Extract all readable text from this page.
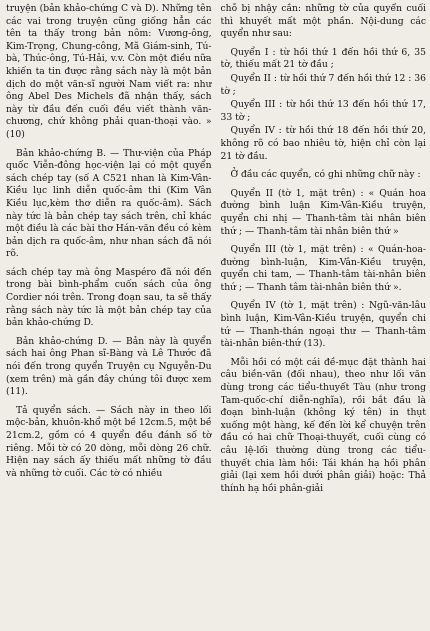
truyện (bản khảo-chứng C và D). Những tên các vai trong truyện cũng giống hẳn các tên ta thấy trong bản nôm: Vương-ông, Kim-Trọng, Chung-công, Mã Giám-sinh, Tú-bà, Thúc-ông, Tú-Hải, v.v. Còn một điều nữa khiến ta tin được rằng sách này là một bản dịch do một văn-sĩ người Nam viết ra: như ông Abel Des Michels đã nhận thấy, sách này từ đầu đến cuối đều viết thành văn-chương, chứ không phải quan-thoại vào. » (10)

Bản khảo-chứng B. — Thư-viện của Pháp quốc Viễn-đông học-viện lại có một quyển sách chép tay (số A C521 nhan là Kim-Vân-Kiều lục linh diễn quốc-âm thi (Kim Vân Kiều lục,kèm thơ diễn ra quốc-âm). Sách này tức là bản chép tay sách trên, chỉ khác một điều là các bài thơ Hán-văn đều có kèm bản dịch ra quốc-âm, như nhan sách đã nói rõ.

sách chép tay mà ông Maspéro đã nói đến trong bài bình-phẩm cuốn sách của ông Cordier nói trên. Trong đoạn sau, ta sẽ thấy rằng sách này tức là một bản chép tay của bản khảo-chứng D.

Bản khảo-chứng D. — Bản này là quyển sách hai ông Phan sĩ-Bàng và Lê Thước đã nói đến trong quyển Truyện cụ Nguyễn-Du (xem trên) mà gần đây chúng tôi được xem (11).

Tả quyển sách. — Sách này in theo lối mộc-bản, khuôn-khổ một bề 12cm.5, một bề 21cm.2, gồm có 4 quyển đều đánh số tờ riêng. Mỗi tờ có 20 dòng, mỗi dòng 26 chữ. Hiện nay sách ấy thiếu mất những tờ đầu và những tờ cuối. Các tờ có nhiều

chỗ bị nhậy cắn: những tờ của quyển cuối thì khuyết mất một phần. Nội-dung các quyển như sau:

Quyển I : từ hồi thứ 1 đến hồi thứ 6, 35 tờ, thiếu mất 21 tờ đầu ;

Quyển II : từ hồi thứ 7 đến hồi thứ 12 : 36 tờ ;

Quyển III : từ hồi thứ 13 đến hồi thứ 17, 33 tờ ;

Quyển IV : từ hồi thứ 18 đến hồi thứ 20, không rõ có bao nhiêu tờ, hiện chỉ còn lại 21 tờ đầu.

Ở đầu các quyển, có ghi những chữ này :

Quyển II (tờ 1, mặt trên) : « Quán hoa đường bình luận Kim-Vân-Kiều truyện, quyển chi nhị — Thanh-tâm tài nhân biên thứ ; — Thanh-tâm tài nhân biên thứ »

Quyển III (tờ 1, mặt trên) : « Quán-hoa-đường bình-luận, Kim-Vân-Kiều truyện, quyển chi tam, — Thanh-tâm tài-nhân biên thứ ; — Thanh tâm tài-nhân biên thứ ».

Quyển IV (tờ 1, mặt trên) : Ngũ-văn-lâu bình luận, Kim-Vân-Kiều truyện, quyển chi tứ — Thanh-thán ngoại thư — Thanh-tâm tài-nhân biên-thứ (13).

Mỗi hồi có một cái đề-mục đặt thành hai câu biền-văn (đối nhau), theo như lối văn dùng trong các tiểu-thuyết Tàu (như trong Tam-quốc-chí diễn-nghĩa), rồi bắt đầu là đoạn bình-luận (không ký tên) in thụt xuống một hàng, kế đến lời kể chuyện trên đầu có hai chữ Thoại-thuyết, cuối cùng có câu lệ-lối thường dùng trong các tiểu-thuyết chia làm hồi: Tái khán hạ hồi phân giải (lại xem hồi dưới phân giải) hoặc: Thả thính hạ hồi phân-giải
